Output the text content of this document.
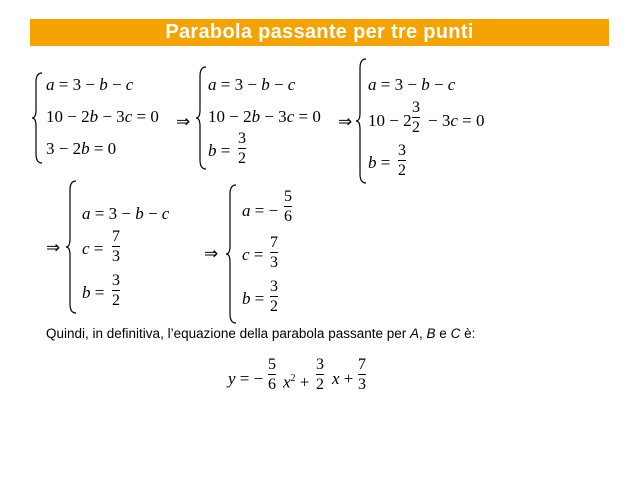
Parabola passante per tre punti
a = 3 − b − c
10 − 2b − 3c = 0
3 − 2b = 0
⇒
a = 3 − b − c
10 − 2b − 3c = 0
b =
3
2
⇒
a = 3 − b − c
10 − 2
3
2 − 3c = 0
b =
3
2
⇒
a = 3 − b − c
c =
7
3
b =
3
2
⇒
a = −
5
6
c =
7
3
b =
3
2
Quindi, in definitiva, l’equazione della parabola passante per A, B e C è:
y = −
5
6 $x^2$ +
3
2 x +
7
3
